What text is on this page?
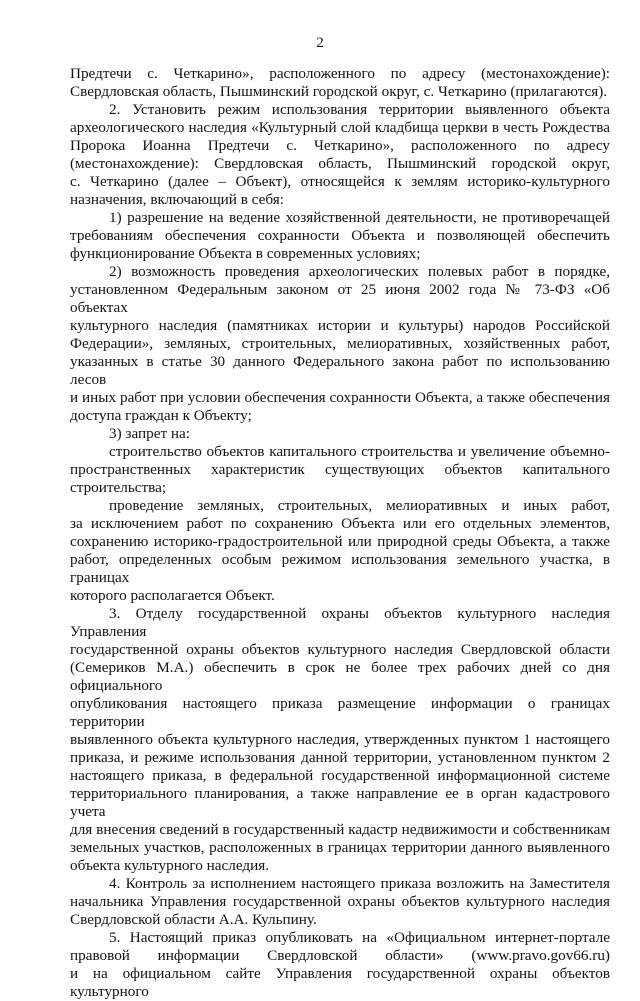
2

Предтечи с. Четкарино», расположенного по адресу (местонахождение):

Свердловская область, Пышминский городской округ, с. Четкарино (прилагаются).

2. Установить режим использования территории выявленного объекта

археологического наследия «Культурный слой кладбища церкви в честь Рождества

Пророка Иоанна Предтечи с. Четкарино», расположенного по адресу

(местонахождение): Свердловская область, Пышминский городской округ,

с. Четкарино (далее – Объект), относящейся к землям историко-культурного

назначения, включающий в себя:

1) разрешение на ведение хозяйственной деятельности, не противоречащей

требованиям обеспечения сохранности Объекта и позволяющей обеспечить

функционирование Объекта в современных условиях;

2) возможность проведения археологических полевых работ в порядке,

установленном Федеральным законом от 25 июня 2002 года № 73-ФЗ «Об объектах

культурного наследия (памятниках истории и культуры) народов Российской

Федерации», земляных, строительных, мелиоративных, хозяйственных работ,

указанных в статье 30 данного Федерального закона работ по использованию лесов

и иных работ при условии обеспечения сохранности Объекта, а также обеспечения

доступа граждан к Объекту;

3) запрет на:

строительство объектов капитального строительства и увеличение объемно-

пространственных характеристик существующих объектов капитального

строительства;

проведение земляных, строительных, мелиоративных и иных работ,

за исключением работ по сохранению Объекта или его отдельных элементов,

сохранению историко-градостроительной или природной среды Объекта, а также

работ, определенных особым режимом использования земельного участка, в границах

которого располагается Объект.

3. Отделу государственной охраны объектов культурного наследия Управления

государственной охраны объектов культурного наследия Свердловской области

(Семериков М.А.) обеспечить в срок не более трех рабочих дней со дня официального

опубликования настоящего приказа размещение информации о границах территории

выявленного объекта культурного наследия, утвержденных пунктом 1 настоящего

приказа, и режиме использования данной территории, установленном пунктом 2

настоящего приказа, в федеральной государственной информационной системе

территориального планирования, а также направление ее в орган кадастрового учета

для внесения сведений в государственный кадастр недвижимости и собственникам

земельных участков, расположенных в границах территории данного выявленного

объекта культурного наследия.

4. Контроль за исполнением настоящего приказа возложить на Заместителя

начальника Управления государственной охраны объектов культурного наследия

Свердловской области А.А. Кульпину.

5. Настоящий приказ опубликовать на «Официальном интернет-портале

правовой информации Свердловской области» (www.pravo.gov66.ru)

и на официальном сайте Управления государственной охраны объектов культурного
